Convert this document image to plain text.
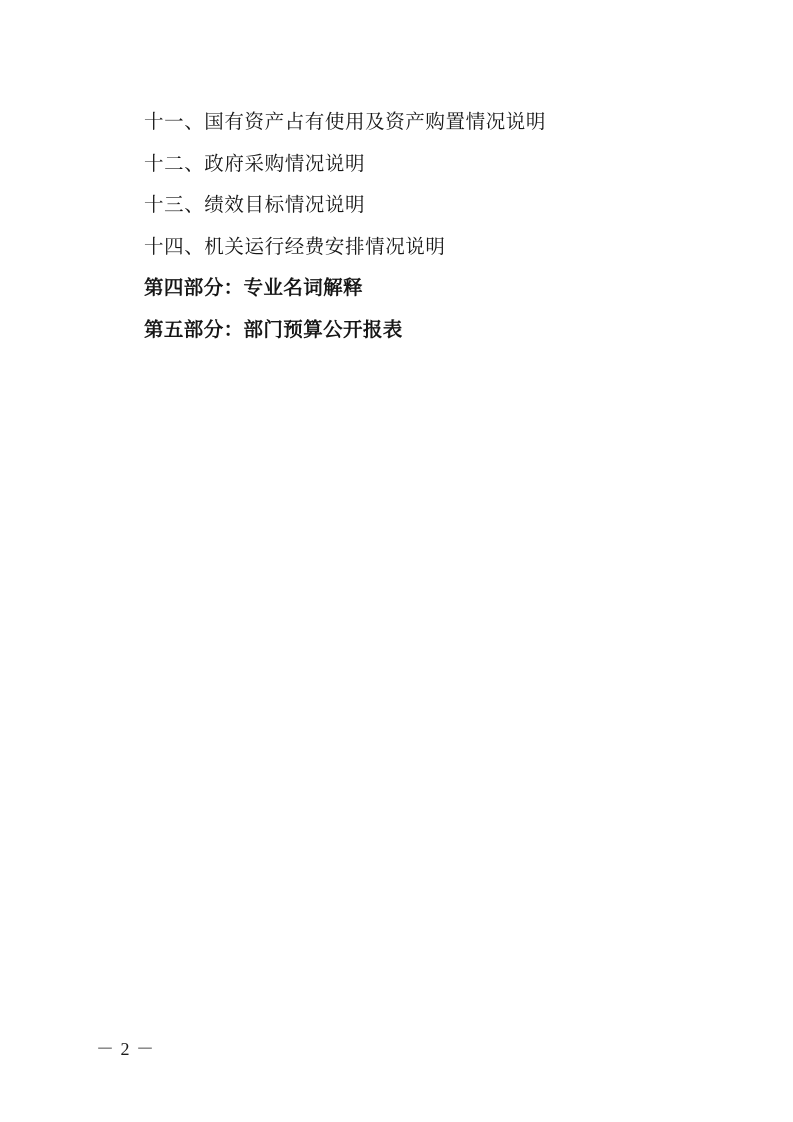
十一、国有资产占有使用及资产购置情况说明
十二、政府采购情况说明
十三、绩效目标情况说明
十四、机关运行经费安排情况说明
第四部分：专业名词解释
第五部分：部门预算公开报表
－ 2 －
